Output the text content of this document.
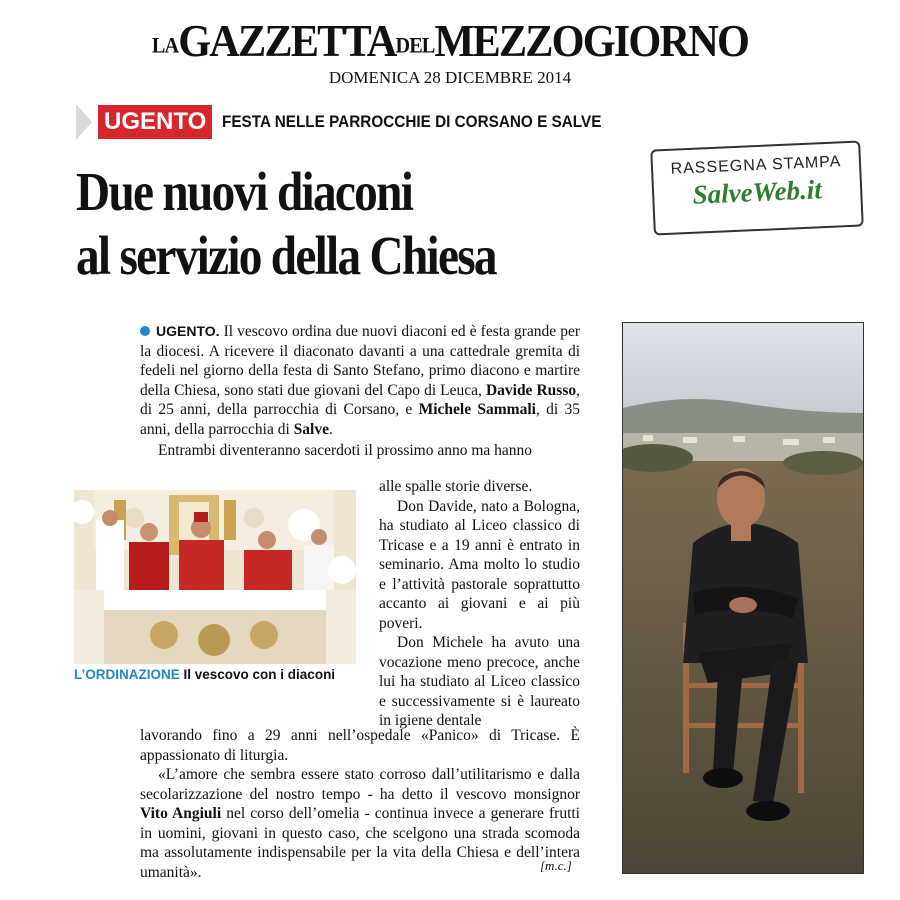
LAGAZZETTADELMEZZOGIORNO
DOMENICA 28 DICEMBRE 2014
UGENTO FESTA NELLE PARROCCHIE DI CORSANO E SALVE
Due nuovi diaconi
al servizio della Chiesa
RASSEGNA STAMPA
SalveWeb.it

UGENTO. Il vescovo ordina due nuovi diaconi ed è festa grande per la diocesi. A ricevere il diaconato davanti a una cattedrale gremita di fedeli nel giorno della festa di Santo Stefano, primo diacono e martire della Chiesa, sono stati due giovani del Capo di Leuca, Davide Russo, di 25 anni, della parrocchia di Corsano, e Michele Sammali, di 35 anni, della parrocchia di Salve.

Entrambi diventeranno sacerdoti il prossimo anno ma hanno

alle spalle storie diverse.

Don Davide, nato a Bologna, ha studiato al Liceo classico di Tricase e a 19 anni è entrato in seminario. Ama molto lo studio e l’attività pastorale soprattutto accanto ai giovani e ai più poveri.

Don Michele ha avuto una vocazione meno precoce, anche lui ha studiato al Liceo classico e successivamente si è laureato in igiene dentale

lavorando fino a 29 anni nell’ospedale «Panico» di Tricase. È appassionato di liturgia.

«L’amore che sembra essere stato corroso dall’utilitarismo e dalla secolarizzazione del nostro tempo - ha detto il vescovo monsignor Vito Angiuli nel corso dell’omelia - continua invece a generare frutti in uomini, giovani in questo caso, che scelgono una strada scomoda ma assolutamente indispensabile per la vita della Chiesa e dell’intera umanità».	[m.c.]
L’ORDINAZIONE Il vescovo con i diaconi
